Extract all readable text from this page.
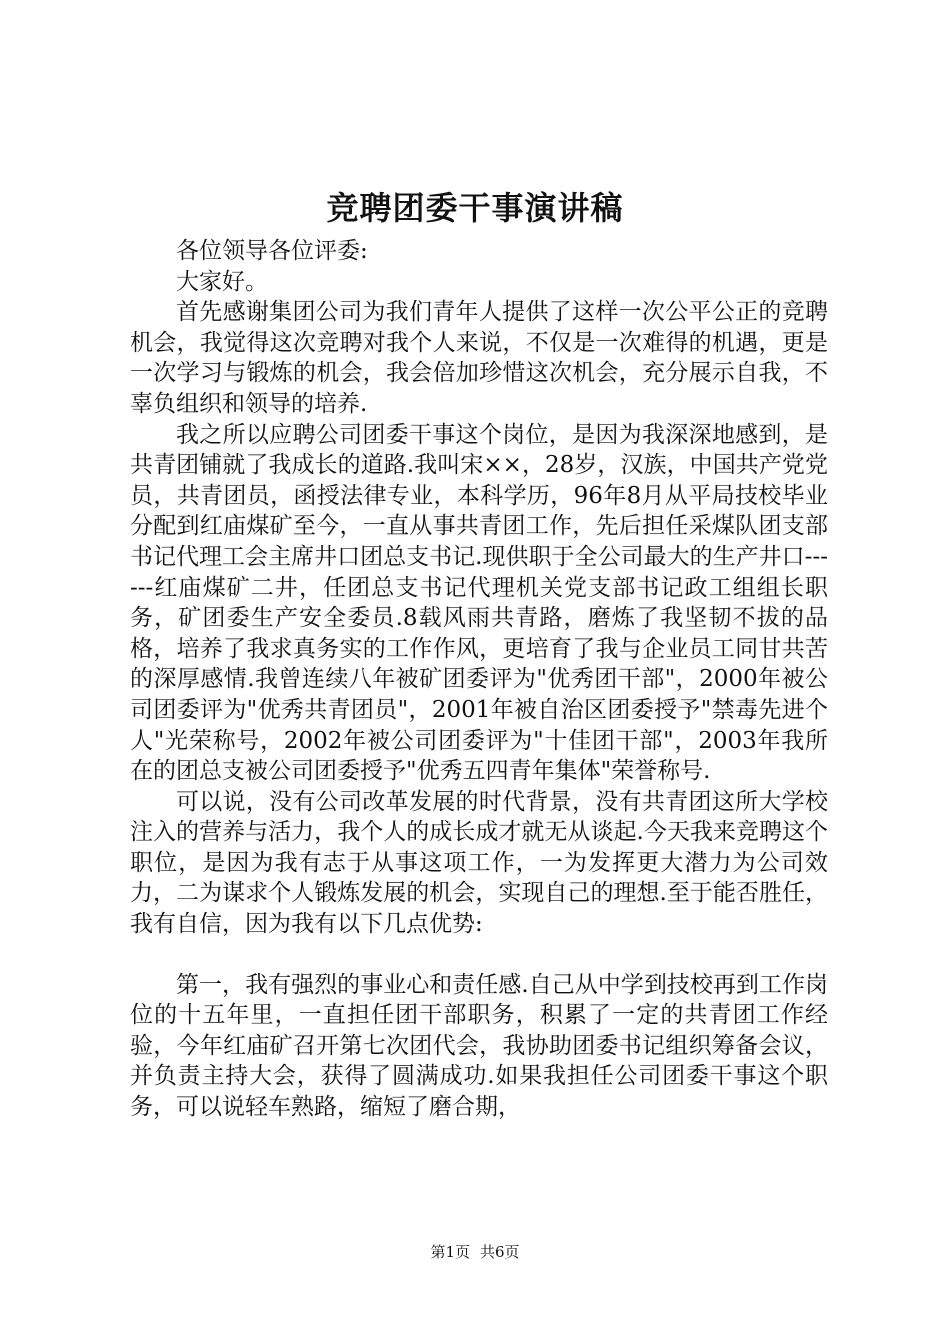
竞聘团委干事演讲稿

各位领导各位评委:

大家好。

首先感谢集团公司为我们青年人提供了这样一次公平公正的竞聘机会，我觉得这次竞聘对我个人来说，不仅是一次难得的机遇，更是一次学习与锻炼的机会，我会倍加珍惜这次机会，充分展示自我，不辜负组织和领导的培养.

我之所以应聘公司团委干事这个岗位，是因为我深深地感到，是共青团铺就了我成长的道路.我叫宋××，28岁，汉族，中国共产党党员，共青团员，函授法律专业，本科学历，96年8月从平局技校毕业分配到红庙煤矿至今，一直从事共青团工作，先后担任采煤队团支部书记代理工会主席井口团总支书记.现供职于全公司最大的生产井口------红庙煤矿二井，任团总支书记代理机关党支部书记政工组组长职务，矿团委生产安全委员.8载风雨共青路，磨炼了我坚韧不拔的品格，培养了我求真务实的工作作风，更培育了我与企业员工同甘共苦的深厚感情.我曾连续八年被矿团委评为"优秀团干部"，2000年被公司团委评为"优秀共青团员"，2001年被自治区团委授予"禁毒先进个人"光荣称号，2002年被公司团委评为"十佳团干部"，2003年我所在的团总支被公司团委授予"优秀五四青年集体"荣誉称号.

可以说，没有公司改革发展的时代背景，没有共青团这所大学校注入的营养与活力，我个人的成长成才就无从谈起.今天我来竞聘这个职位，是因为我有志于从事这项工作，一为发挥更大潜力为公司效力，二为谋求个人锻炼发展的机会，实现自己的理想.至于能否胜任，我有自信，因为我有以下几点优势:

第一，我有强烈的事业心和责任感.自己从中学到技校再到工作岗位的十五年里，一直担任团干部职务，积累了一定的共青团工作经验，今年红庙矿召开第七次团代会，我协助团委书记组织筹备会议，并负责主持大会，获得了圆满成功.如果我担任公司团委干事这个职务，可以说轻车熟路，缩短了磨合期，

第1页 共6页
